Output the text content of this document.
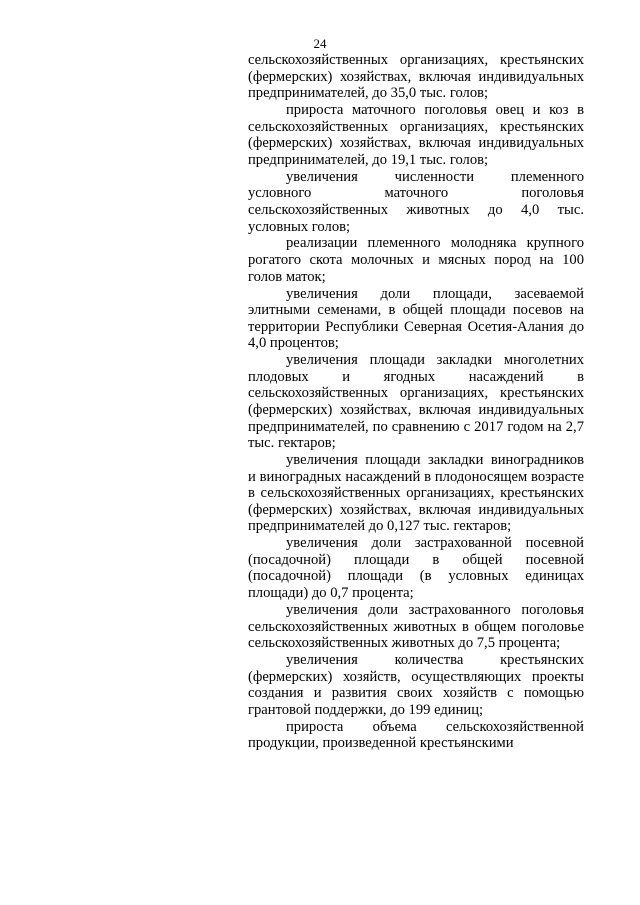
24

сельскохозяйственных организациях, крестьянских (фермерских) хозяйствах, включая индивидуальных предпринимателей, до 35,0 тыс. голов;

прироста маточного поголовья овец и коз в сельскохозяйственных организациях, крестьянских (фермерских) хозяйствах, включая индивидуальных предпринимателей, до 19,1 тыс. голов;

увеличения численности племенного условного маточного поголовья сельскохозяйственных животных до 4,0 тыс. условных голов;

реализации племенного молодняка крупного рогатого скота молочных и мясных пород на 100 голов маток;

увеличения доли площади, засеваемой элитными семенами, в общей площади посевов на территории Республики Северная Осетия-Алания до 4,0 процентов;

увеличения площади закладки многолетних плодовых и ягодных насаждений в сельскохозяйственных организациях, крестьянских (фермерских) хозяйствах, включая индивидуальных предпринимателей, по сравнению с 2017 годом на 2,7 тыс. гектаров;

увеличения площади закладки виноградников и виноградных насаждений в плодоносящем возрасте в сельскохозяйственных организациях, крестьянских (фермерских) хозяйствах, включая индивидуальных предпринимателей до 0,127 тыс. гектаров;

увеличения доли застрахованной посевной (посадочной) площади в общей посевной (посадочной) площади (в условных единицах площади) до 0,7 процента;

увеличения доли застрахованного поголовья сельскохозяйственных животных в общем поголовье сельскохозяйственных животных до 7,5 процента;

увеличения количества крестьянских (фермерских) хозяйств, осуществляющих проекты создания и развития своих хозяйств с помощью грантовой поддержки, до 199 единиц;

прироста объема сельскохозяйственной продукции, произведенной крестьянскими
